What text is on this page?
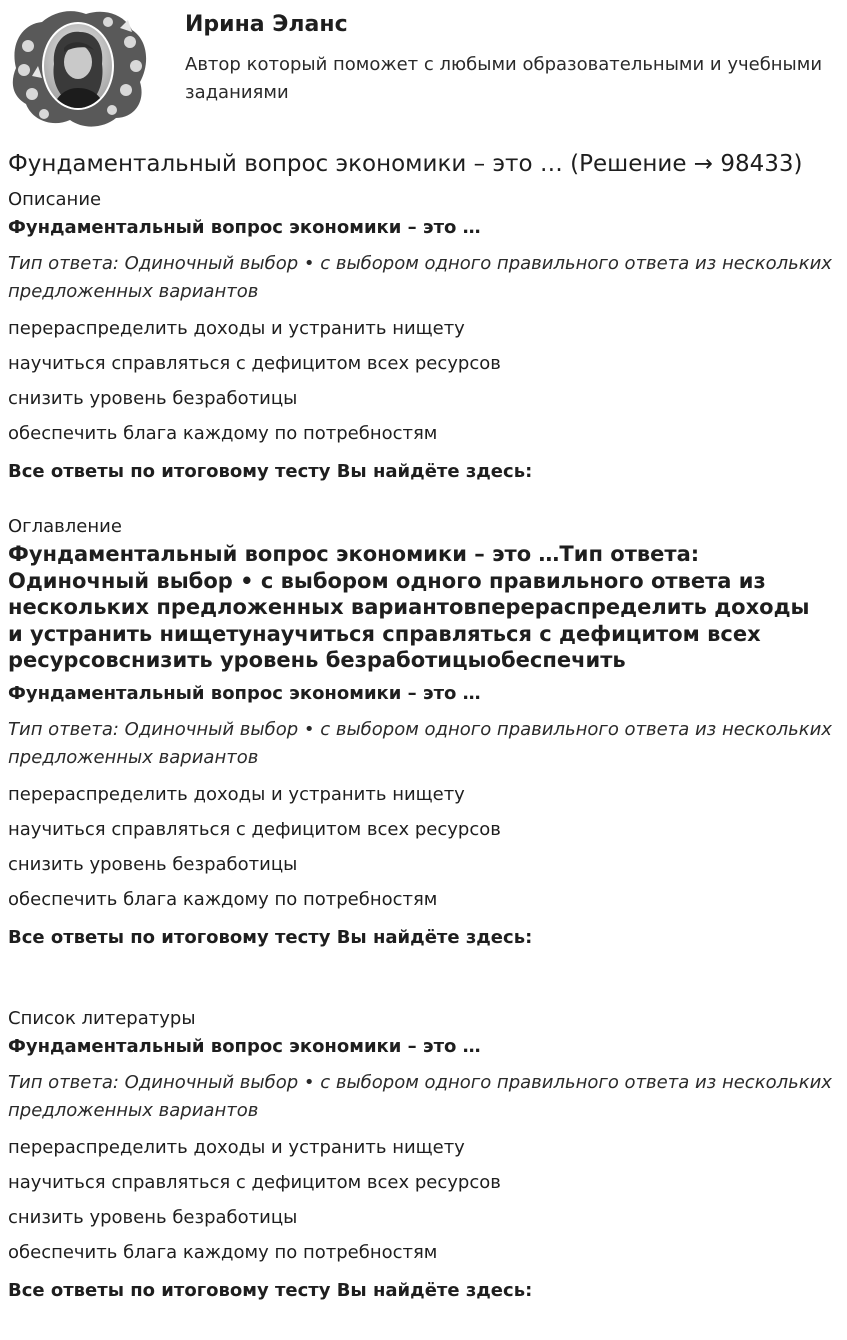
Ирина Эланс
Автор который поможет с любыми образовательными и учебными заданиями
Фундаментальный вопрос экономики – это … (Решение → 98433)
Описание

Фундаментальный вопрос экономики – это …

Тип ответа: Одиночный выбор • с выбором одного правильного ответа из нескольких предложенных вариантов

перераспределить доходы и устранить нищету

научиться справляться с дефицитом всех ресурсов

снизить уровень безработицы

обеспечить блага каждому по потребностям

Все ответы по итоговому тесту Вы найдёте здесь:

Оглавление

Фундаментальный вопрос экономики – это …Тип ответа: Одиночный выбор • с выбором одного правильного ответа из нескольких предложенных вариантовперераспределить доходы и устранить нищетунаучиться справляться с дефицитом всех ресурсовснизить уровень безработицыобеспечить

Фундаментальный вопрос экономики – это …

Тип ответа: Одиночный выбор • с выбором одного правильного ответа из нескольких предложенных вариантов

перераспределить доходы и устранить нищету

научиться справляться с дефицитом всех ресурсов

снизить уровень безработицы

обеспечить блага каждому по потребностям

Все ответы по итоговому тесту Вы найдёте здесь:

Список литературы

Фундаментальный вопрос экономики – это …

Тип ответа: Одиночный выбор • с выбором одного правильного ответа из нескольких предложенных вариантов

перераспределить доходы и устранить нищету

научиться справляться с дефицитом всех ресурсов

снизить уровень безработицы

обеспечить блага каждому по потребностям

Все ответы по итоговому тесту Вы найдёте здесь:
